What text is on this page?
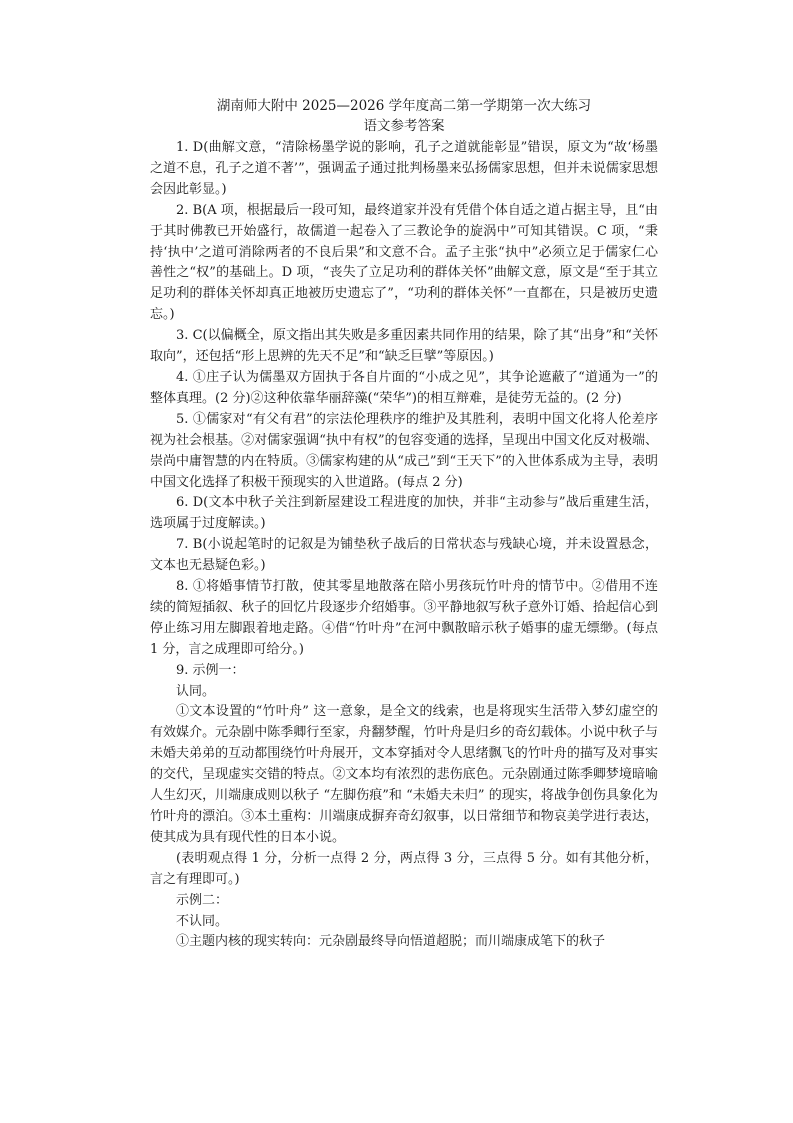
湖南师大附中 2025—2026 学年度高二第一学期第一次大练习
语文参考答案

1. D(曲解文意，“清除杨墨学说的影响，孔子之道就能彰显”错误，原文为“故‘杨墨之道不息，孔子之道不著’”，强调孟子通过批判杨墨来弘扬儒家思想，但并未说儒家思想会因此彰显。)

2. B(A 项，根据最后一段可知，最终道家并没有凭借个体自适之道占据主导，且“由于其时佛教已开始盛行，故儒道一起卷入了三教论争的旋涡中”可知其错误。C 项，“秉持‘执中’之道可消除两者的不良后果”和文意不合。孟子主张“执中”必须立足于儒家仁心善性之“权”的基础上。D 项，“丧失了立足功利的群体关怀”曲解文意，原文是“至于其立足功利的群体关怀却真正地被历史遗忘了”，“功利的群体关怀”一直都在，只是被历史遗忘。)

3. C(以偏概全，原文指出其失败是多重因素共同作用的结果，除了其“出身”和“关怀取向”，还包括“形上思辨的先天不足”和“缺乏巨擘”等原因。)

4. ①庄子认为儒墨双方固执于各自片面的“小成之见”，其争论遮蔽了“道通为一”的整体真理。(2 分)②这种依靠华丽辞藻(“荣华”)的相互辩难，是徒劳无益的。(2 分)

5. ①儒家对“有父有君”的宗法伦理秩序的维护及其胜利，表明中国文化将人伦差序视为社会根基。②对儒家强调“执中有权”的包容变通的选择，呈现出中国文化反对极端、崇尚中庸智慧的内在特质。③儒家构建的从“成己”到“王天下”的入世体系成为主导，表明中国文化选择了积极干预现实的入世道路。(每点 2 分)

6. D(文本中秋子关注到新屋建设工程进度的加快，并非“主动参与”战后重建生活，选项属于过度解读。)

7. B(小说起笔时的记叙是为铺垫秋子战后的日常状态与残缺心境，并未设置悬念，文本也无悬疑色彩。)

8. ①将婚事情节打散，使其零星地散落在陪小男孩玩竹叶舟的情节中。②借用不连续的简短插叙、秋子的回忆片段逐步介绍婚事。③平静地叙写秋子意外订婚、拾起信心到停止练习用左脚跟着地走路。④借“竹叶舟”在河中飘散暗示秋子婚事的虚无缥缈。(每点 1 分，言之成理即可给分。)

9. 示例一：

认同。

①文本设置的“竹叶舟” 这一意象，是全文的线索，也是将现实生活带入梦幻虚空的有效媒介。元杂剧中陈季卿行至家，舟翻梦醒，竹叶舟是归乡的奇幻载体。小说中秋子与未婚夫弟弟的互动都围绕竹叶舟展开，文本穿插对令人思绪飘飞的竹叶舟的描写及对事实的交代，呈现虚实交错的特点。②文本均有浓烈的悲伤底色。元杂剧通过陈季卿梦境暗喻人生幻灭，川端康成则以秋子 “左脚伤痕”和 “未婚夫未归” 的现实，将战争创伤具象化为竹叶舟的漂泊。③本土重构：川端康成摒弃奇幻叙事，以日常细节和物哀美学进行表达，使其成为具有现代性的日本小说。

(表明观点得 1 分，分析一点得 2 分，两点得 3 分，三点得 5 分。如有其他分析，言之有理即可。)

示例二：

不认同。

①主题内核的现实转向：元杂剧最终导向悟道超脱；而川端康成笔下的秋子
